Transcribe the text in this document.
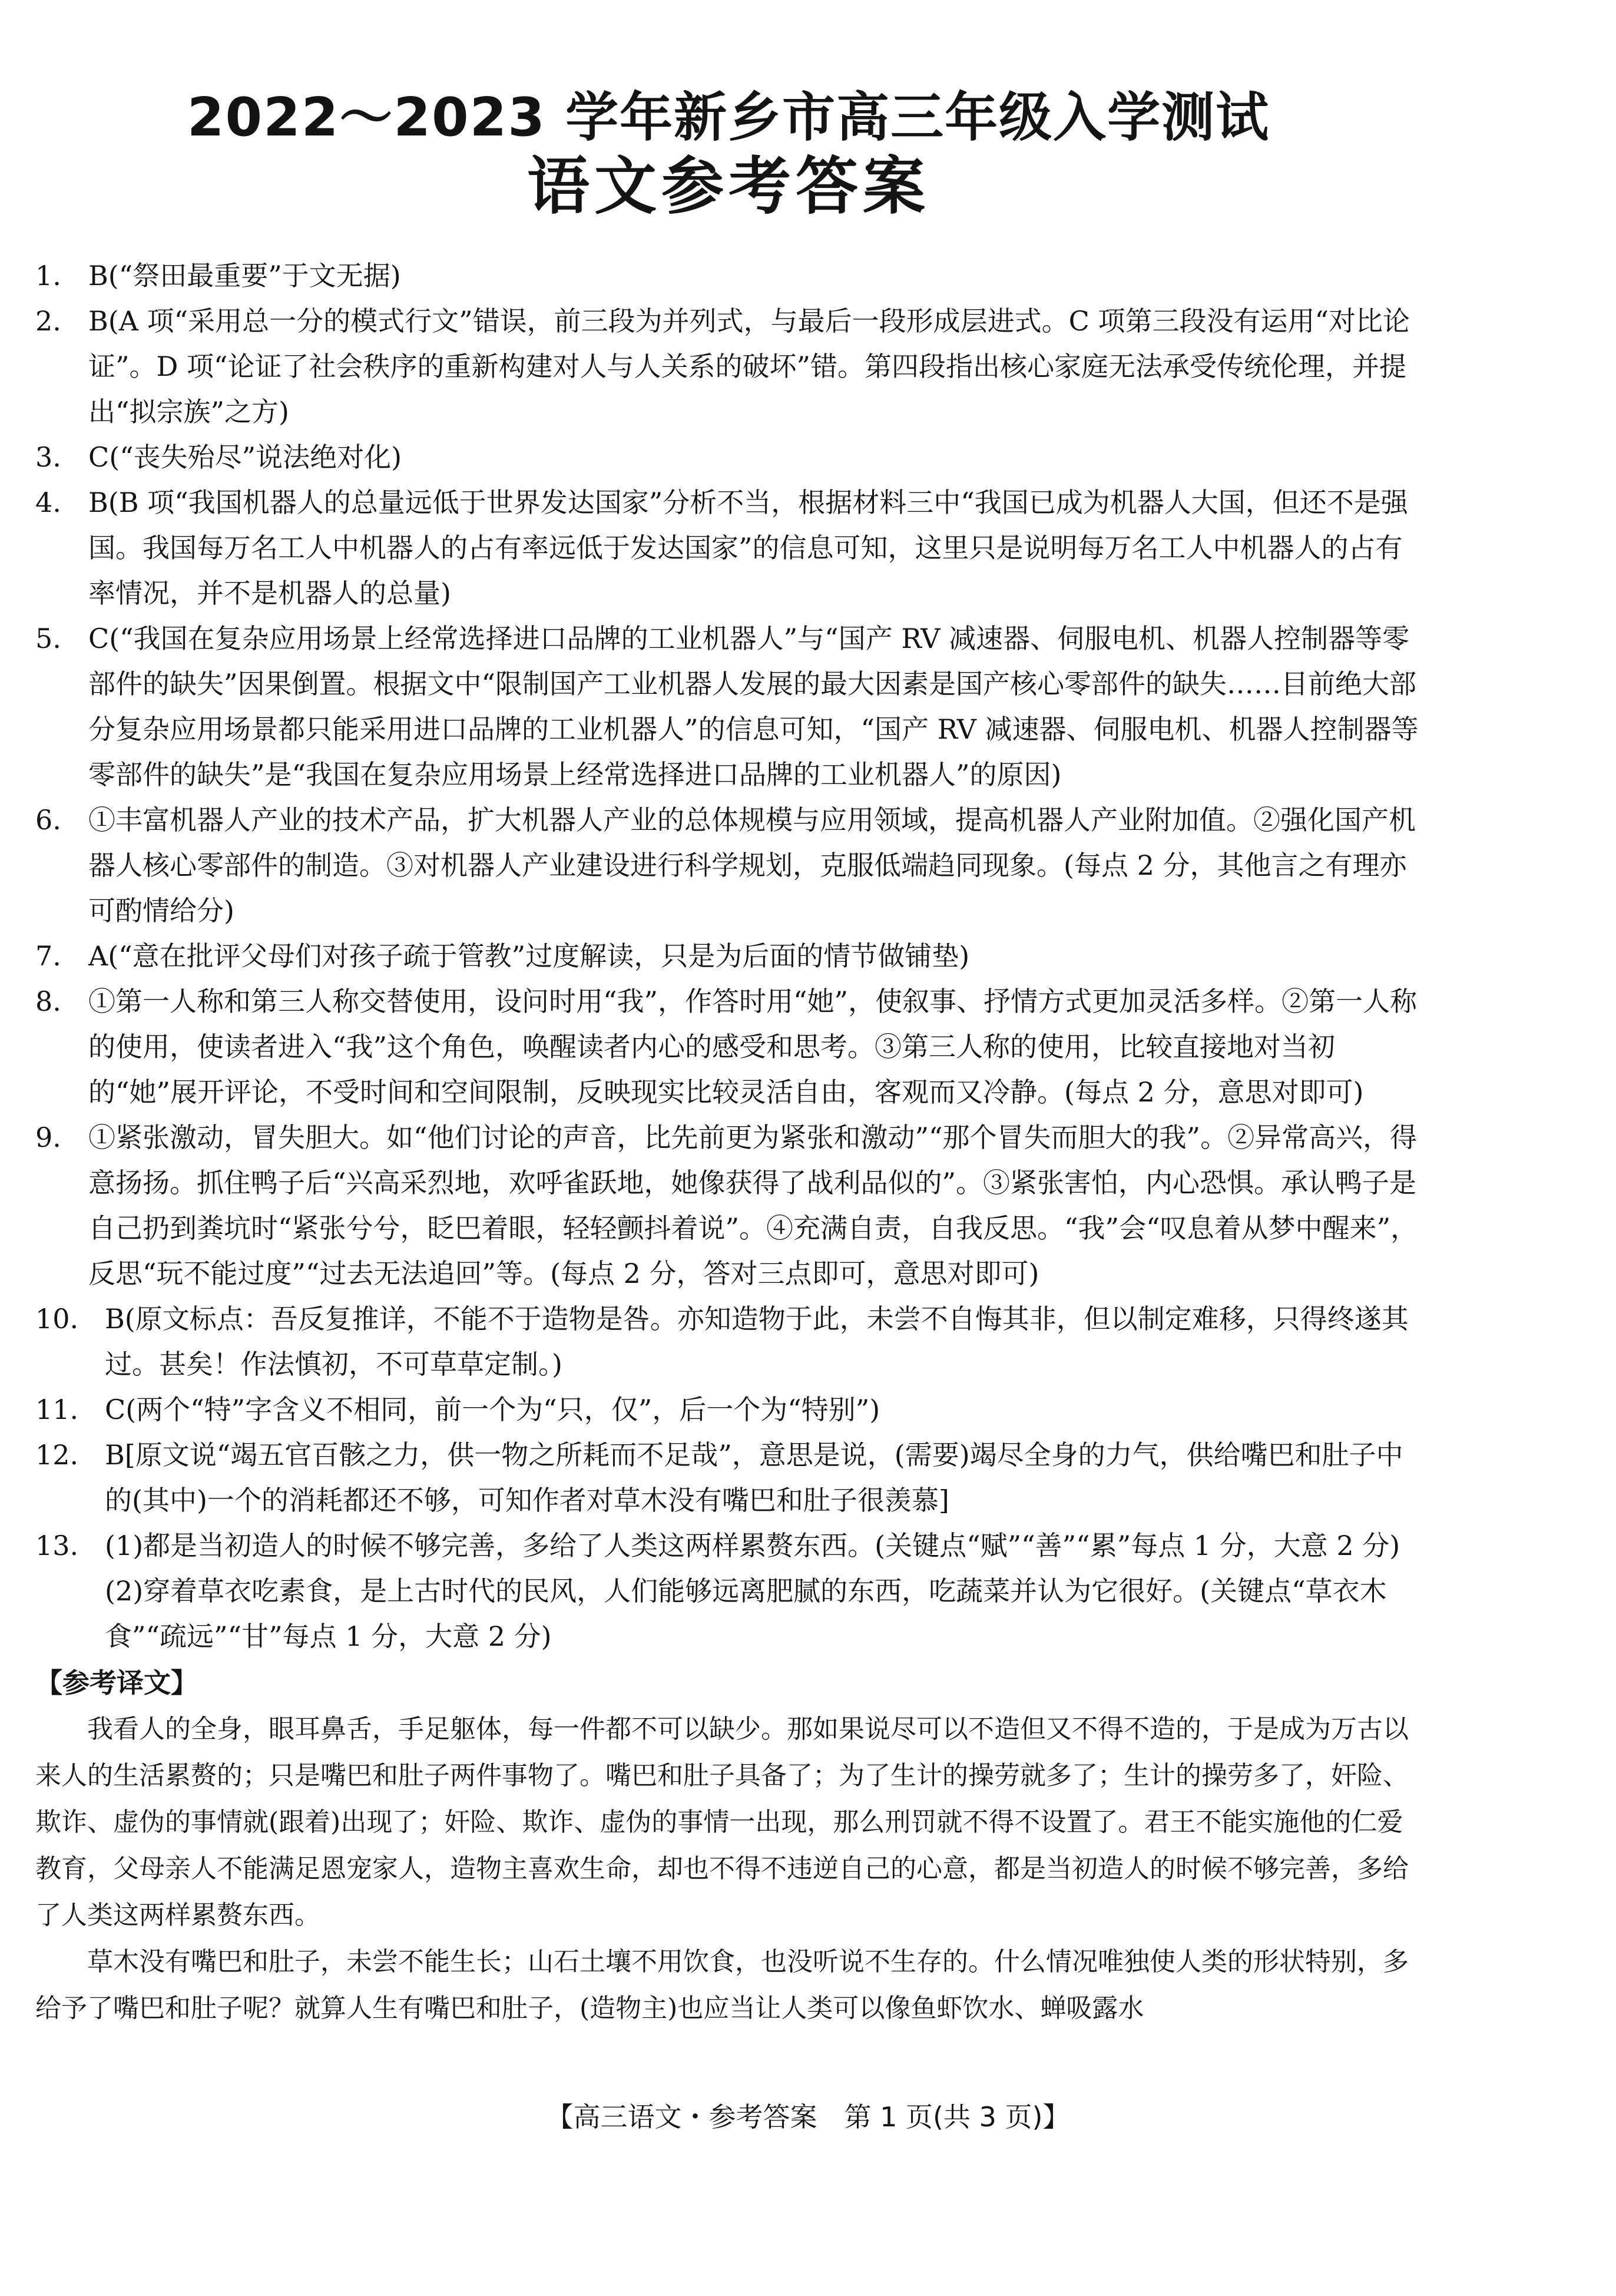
2022～2023 学年新乡市高三年级入学测试
语文参考答案
1. B(“祭田最重要”于文无据)
2. B(A 项“采用总一分的模式行文”错误，前三段为并列式，与最后一段形成层进式。C 项第三段没有运用“对比论证”。D 项“论证了社会秩序的重新构建对人与人关系的破坏”错。第四段指出核心家庭无法承受传统伦理，并提出“拟宗族”之方)
3. C(“丧失殆尽”说法绝对化)
4. B(B 项“我国机器人的总量远低于世界发达国家”分析不当，根据材料三中“我国已成为机器人大国，但还不是强国。我国每万名工人中机器人的占有率远低于发达国家”的信息可知，这里只是说明每万名工人中机器人的占有率情况，并不是机器人的总量)
5. C(“我国在复杂应用场景上经常选择进口品牌的工业机器人”与“国产 RV 减速器、伺服电机、机器人控制器等零部件的缺失”因果倒置。根据文中“限制国产工业机器人发展的最大因素是国产核心零部件的缺失……目前绝大部分复杂应用场景都只能采用进口品牌的工业机器人”的信息可知，“国产 RV 减速器、伺服电机、机器人控制器等零部件的缺失”是“我国在复杂应用场景上经常选择进口品牌的工业机器人”的原因)
6. ①丰富机器人产业的技术产品，扩大机器人产业的总体规模与应用领域，提高机器人产业附加值。②强化国产机器人核心零部件的制造。③对机器人产业建设进行科学规划，克服低端趋同现象。(每点 2 分，其他言之有理亦可酌情给分)
7. A(“意在批评父母们对孩子疏于管教”过度解读，只是为后面的情节做铺垫)
8. ①第一人称和第三人称交替使用，设问时用“我”，作答时用“她”，使叙事、抒情方式更加灵活多样。②第一人称的使用，使读者进入“我”这个角色，唤醒读者内心的感受和思考。③第三人称的使用，比较直接地对当初的“她”展开评论，不受时间和空间限制，反映现实比较灵活自由，客观而又冷静。(每点 2 分，意思对即可)
9. ①紧张激动，冒失胆大。如“他们讨论的声音，比先前更为紧张和激动”“那个冒失而胆大的我”。②异常高兴，得意扬扬。抓住鸭子后“兴高采烈地，欢呼雀跃地，她像获得了战利品似的”。③紧张害怕，内心恐惧。承认鸭子是自己扔到粪坑时“紧张兮兮，眨巴着眼，轻轻颤抖着说”。④充满自责，自我反思。“我”会“叹息着从梦中醒来”，反思“玩不能过度”“过去无法追回”等。(每点 2 分，答对三点即可，意思对即可)
10. B(原文标点：吾反复推详，不能不于造物是咎。亦知造物于此，未尝不自悔其非，但以制定难移，只得终遂其过。甚矣！作法慎初，不可草草定制。)
11. C(两个“特”字含义不相同，前一个为“只，仅”，后一个为“特别”)
12. B[原文说“竭五官百骸之力，供一物之所耗而不足哉”，意思是说，(需要)竭尽全身的力气，供给嘴巴和肚子中的(其中)一个的消耗都还不够，可知作者对草木没有嘴巴和肚子很羡慕]
13. (1)都是当初造人的时候不够完善，多给了人类这两样累赘东西。(关键点“赋”“善”“累”每点 1 分，大意 2 分)
(2)穿着草衣吃素食，是上古时代的民风，人们能够远离肥腻的东西，吃蔬菜并认为它很好。(关键点“草衣木食”“疏远”“甘”每点 1 分，大意 2 分)
【参考译文】

我看人的全身，眼耳鼻舌，手足躯体，每一件都不可以缺少。那如果说尽可以不造但又不得不造的，于是成为万古以来人的生活累赘的；只是嘴巴和肚子两件事物了。嘴巴和肚子具备了；为了生计的操劳就多了；生计的操劳多了，奸险、欺诈、虚伪的事情就(跟着)出现了；奸险、欺诈、虚伪的事情一出现，那么刑罚就不得不设置了。君王不能实施他的仁爱教育，父母亲人不能满足恩宠家人，造物主喜欢生命，却也不得不违逆自己的心意，都是当初造人的时候不够完善，多给了人类这两样累赘东西。

草木没有嘴巴和肚子，未尝不能生长；山石土壤不用饮食，也没听说不生存的。什么情况唯独使人类的形状特别，多给予了嘴巴和肚子呢？就算人生有嘴巴和肚子，(造物主)也应当让人类可以像鱼虾饮水、蝉吸露水

【高三语文・参考答案　第 1 页(共 3 页)】
